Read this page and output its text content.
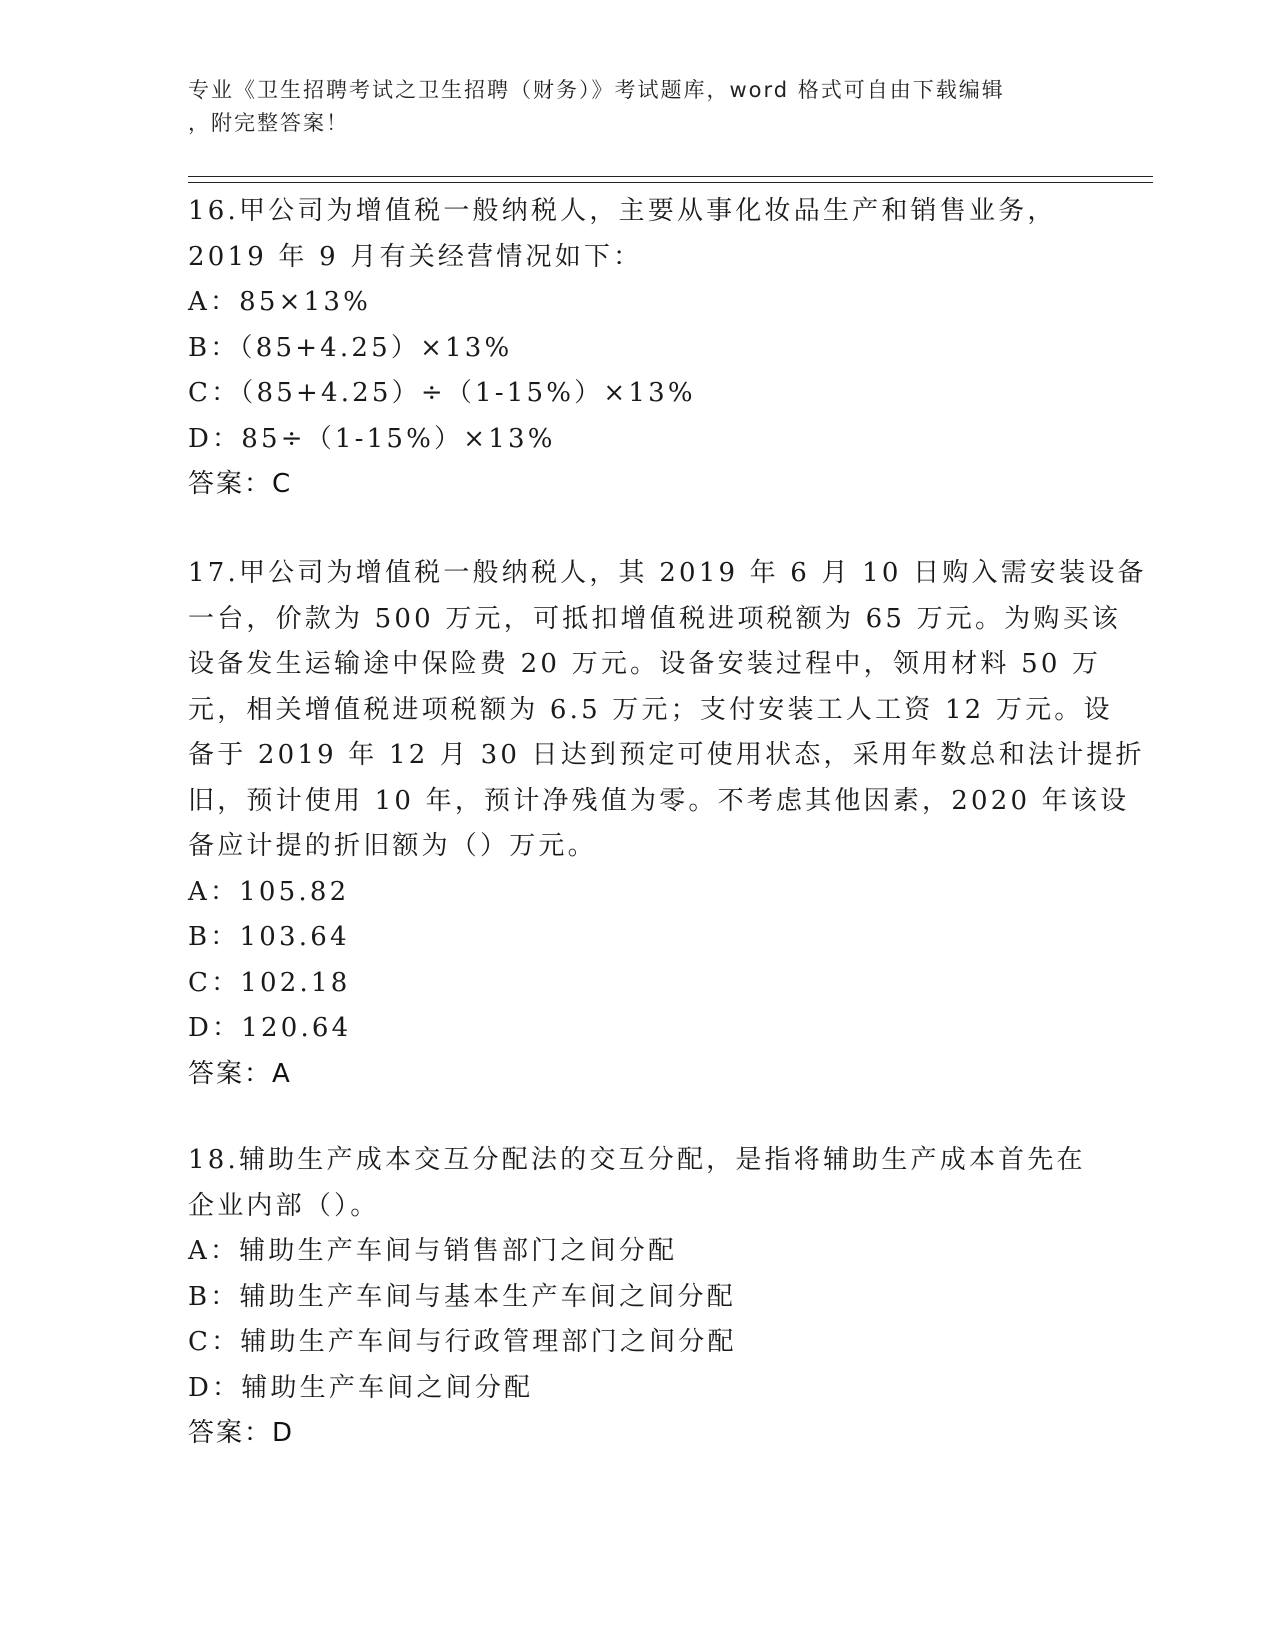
专业《卫生招聘考试之卫生招聘（财务）》考试题库，word 格式可自由下载编辑
，附完整答案！
16.甲公司为增值税一般纳税人，主要从事化妆品生产和销售业务，
2019 年 9 月有关经营情况如下：
A：85×13%
B：（85+4.25）×13%
C：（85+4.25）÷（1-15%）×13%
D：85÷（1-15%）×13%
答案：C
17.甲公司为增值税一般纳税人，其 2019 年 6 月 10 日购入需安装设备
一台，价款为 500 万元，可抵扣增值税进项税额为 65 万元。为购买该
设备发生运输途中保险费 20 万元。设备安装过程中，领用材料 50 万
元，相关增值税进项税额为 6.5 万元；支付安装工人工资 12 万元。设
备于 2019 年 12 月 30 日达到预定可使用状态，采用年数总和法计提折
旧，预计使用 10 年，预计净残值为零。不考虑其他因素，2020 年该设
备应计提的折旧额为（）万元。
A：105.82
B：103.64
C：102.18
D：120.64
答案：A
18.辅助生产成本交互分配法的交互分配，是指将辅助生产成本首先在
企业内部（）。
A：辅助生产车间与销售部门之间分配
B：辅助生产车间与基本生产车间之间分配
C：辅助生产车间与行政管理部门之间分配
D：辅助生产车间之间分配
答案：D
